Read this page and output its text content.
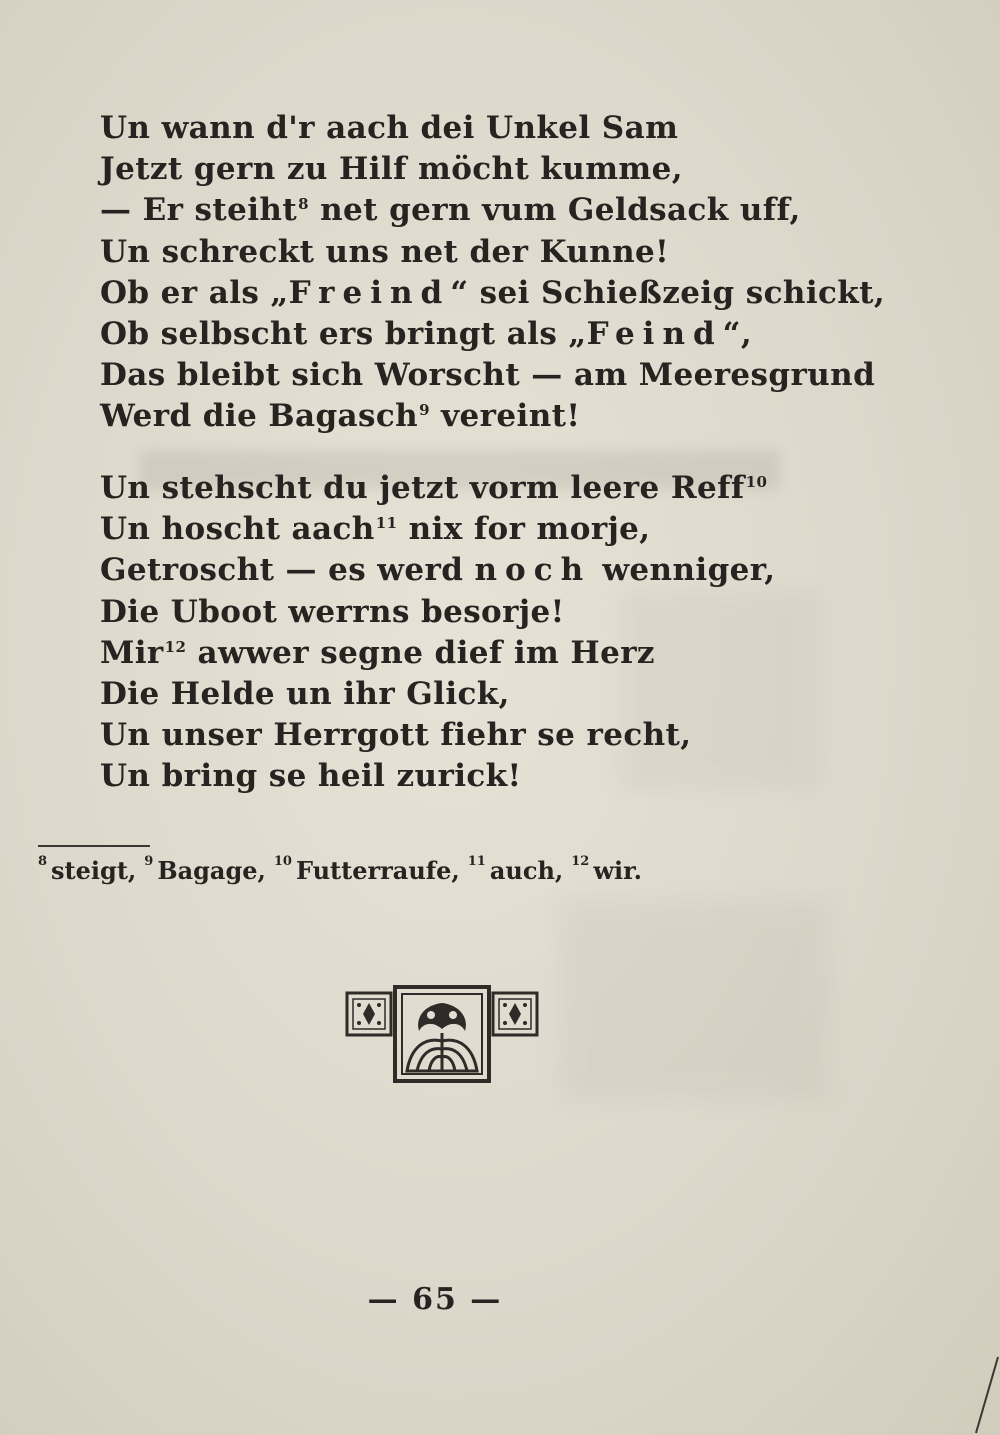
Un wann d'r aach dei Unkel Sam
Jetzt gern zu Hilf möcht kumme,
— Er steiht$^8$ net gern vum Geldsack uff,
Un schreckt uns net der Kunne!
Ob er als „Freind“ sei Schießzeig schickt,
Ob selbscht ers bringt als „Feind“,
Das bleibt sich Worscht — am Meeresgrund
Werd die Bagasch$^9$ vereint!
Un stehscht du jetzt vorm leere Reff$^{10}$
Un hoscht aach$^{11}$ nix for morje,
Getroscht — es werd noch wenniger,
Die Uboot werrns besorje!
Mir$^{12}$ awwer segne dief im Herz
Die Helde un ihr Glick,
Un unser Herrgott fiehr se recht,
Un bring se heil zurick!
$^8$ steigt, $^9$ Bagage, $^{10}$ Futterraufe, $^{11}$ auch, $^{12}$ wir.
— 65 —
